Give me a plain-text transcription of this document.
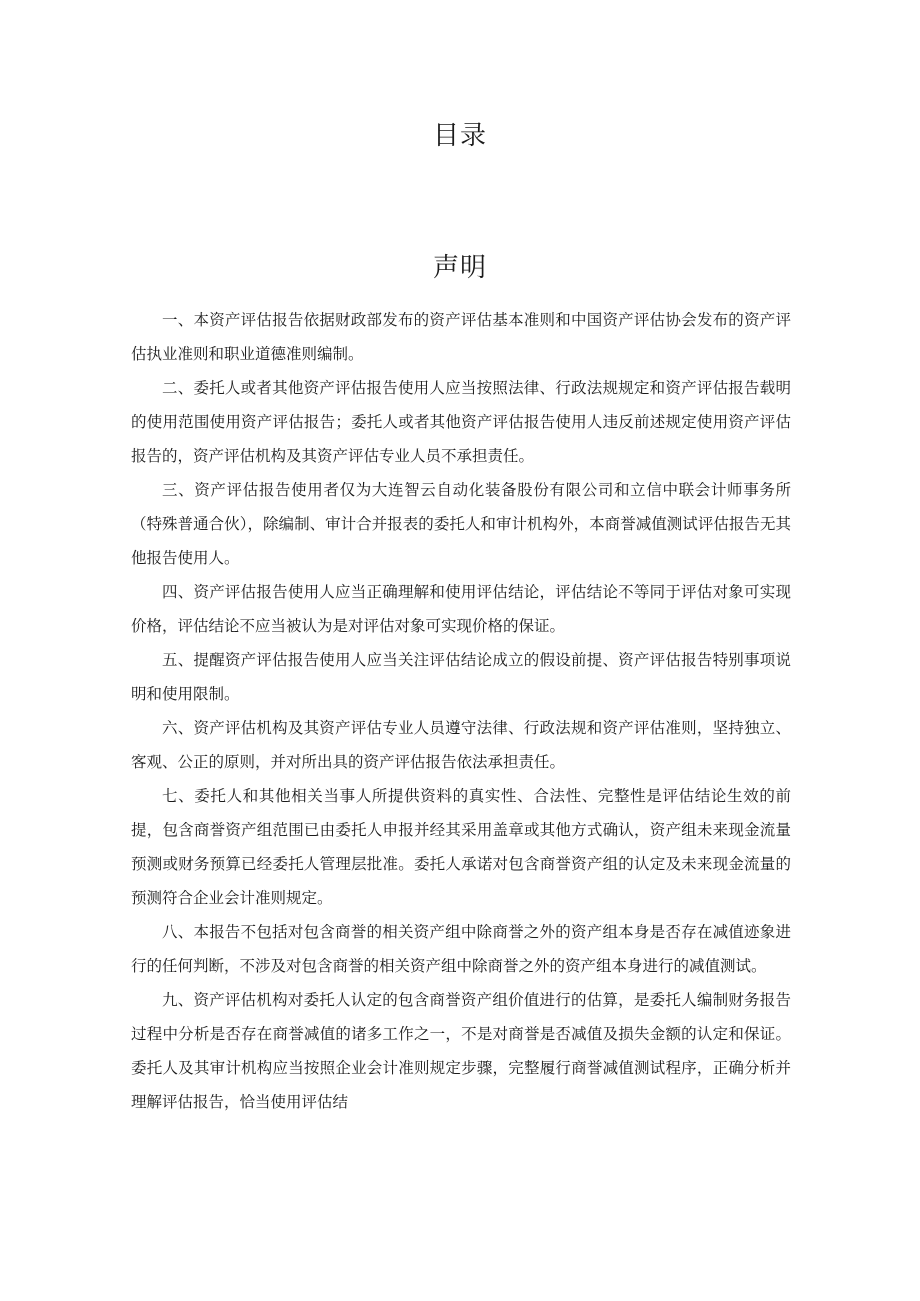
目录
声明

一、本资产评估报告依据财政部发布的资产评估基本准则和中国资产评估协会发布的资产评估执业准则和职业道德准则编制。

二、委托人或者其他资产评估报告使用人应当按照法律、行政法规规定和资产评估报告载明的使用范围使用资产评估报告；委托人或者其他资产评估报告使用人违反前述规定使用资产评估报告的，资产评估机构及其资产评估专业人员不承担责任。

三、资产评估报告使用者仅为大连智云自动化装备股份有限公司和立信中联会计师事务所（特殊普通合伙），除编制、审计合并报表的委托人和审计机构外，本商誉减值测试评估报告无其他报告使用人。

四、资产评估报告使用人应当正确理解和使用评估结论，评估结论不等同于评估对象可实现价格，评估结论不应当被认为是对评估对象可实现价格的保证。

五、提醒资产评估报告使用人应当关注评估结论成立的假设前提、资产评估报告特别事项说明和使用限制。

六、资产评估机构及其资产评估专业人员遵守法律、行政法规和资产评估准则，坚持独立、客观、公正的原则，并对所出具的资产评估报告依法承担责任。

七、委托人和其他相关当事人所提供资料的真实性、合法性、完整性是评估结论生效的前提，包含商誉资产组范围已由委托人申报并经其采用盖章或其他方式确认，资产组未来现金流量预测或财务预算已经委托人管理层批准。委托人承诺对包含商誉资产组的认定及未来现金流量的预测符合企业会计准则规定。

八、本报告不包括对包含商誉的相关资产组中除商誉之外的资产组本身是否存在减值迹象进行的任何判断，不涉及对包含商誉的相关资产组中除商誉之外的资产组本身进行的减值测试。

九、资产评估机构对委托人认定的包含商誉资产组价值进行的估算，是委托人编制财务报告过程中分析是否存在商誉减值的诸多工作之一，不是对商誉是否减值及损失金额的认定和保证。委托人及其审计机构应当按照企业会计准则规定步骤，完整履行商誉减值测试程序，正确分析并理解评估报告，恰当使用评估结
